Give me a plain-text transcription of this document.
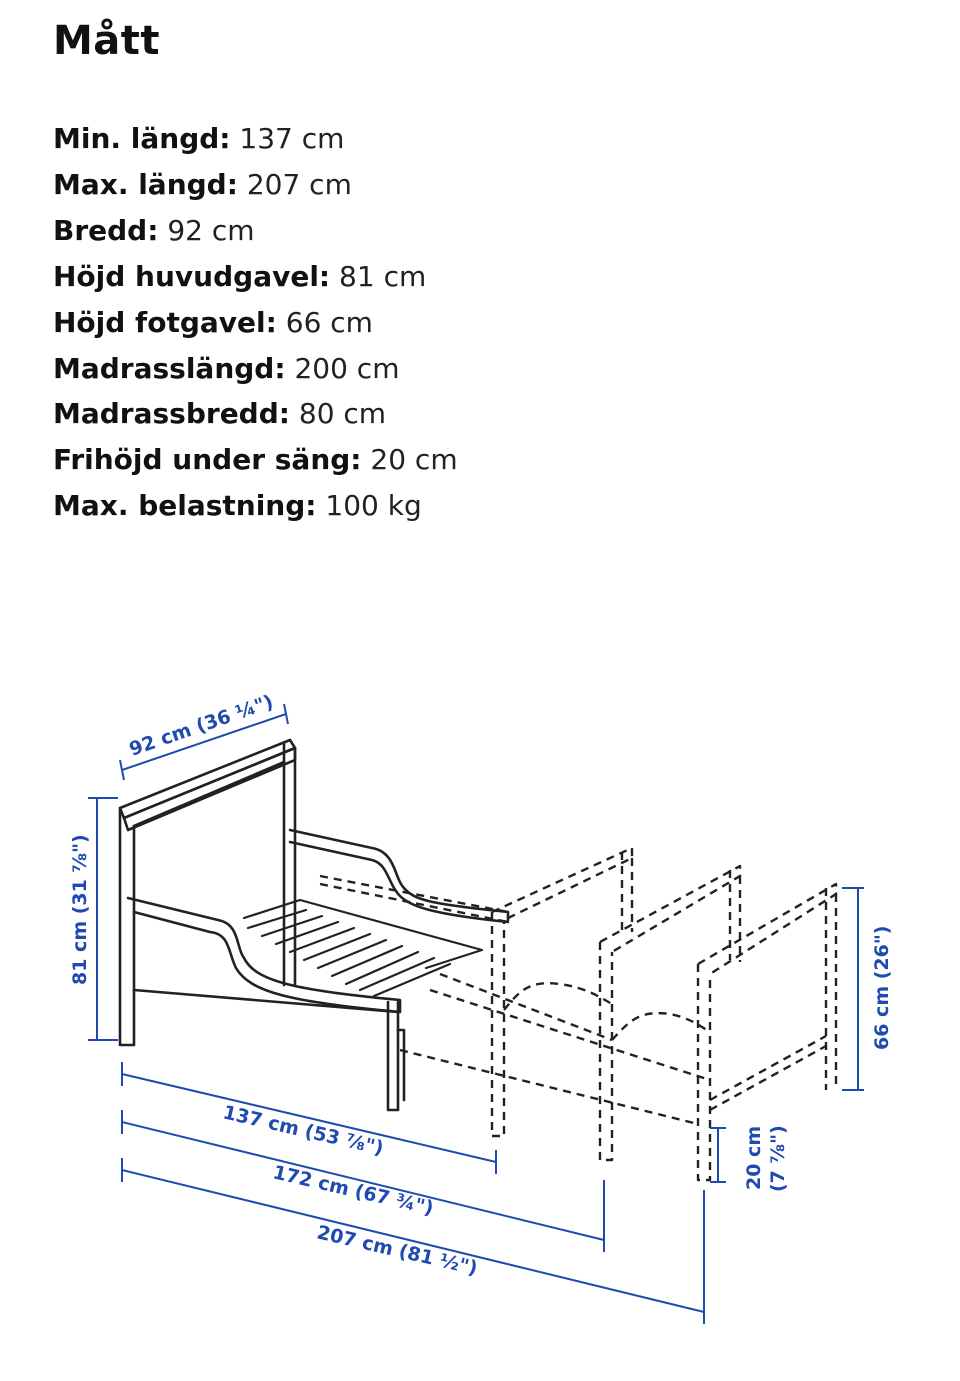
Mått
Min. längd: 137 cm
Max. längd: 207 cm
Bredd: 92 cm
Höjd huvudgavel: 81 cm
Höjd fotgavel: 66 cm
Madrasslängd: 200 cm
Madrassbredd: 80 cm
Frihöjd under säng: 20 cm
Max. belastning: 100 kg
92 cm (36 ¼")
81 cm (31 ⅞")
66 cm (26")
20 cm (7 ⅞")
137 cm (53 ⅞")
172 cm (67 ¾")
207 cm (81 ½")
